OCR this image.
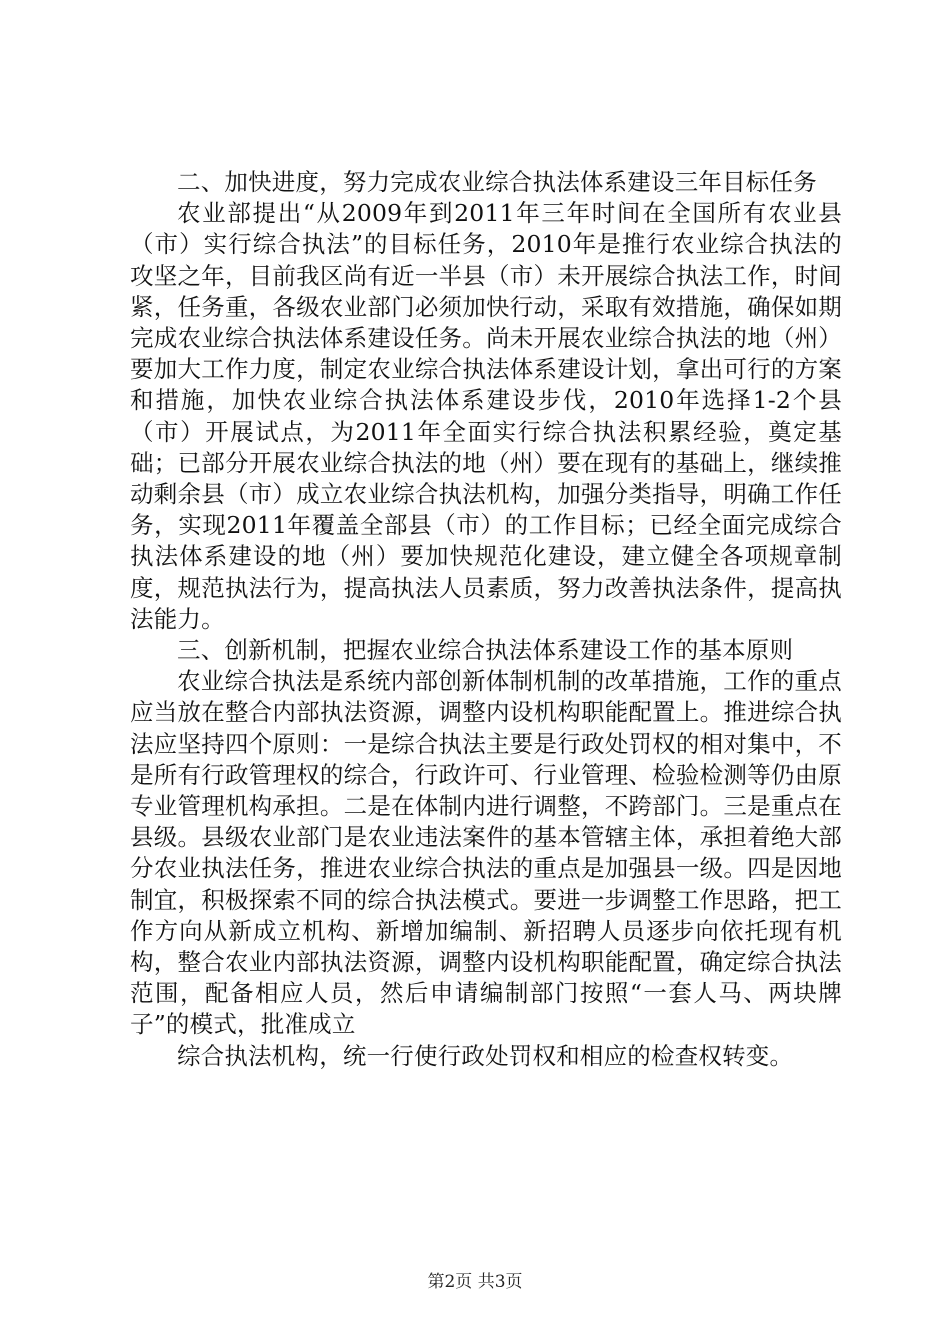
二、加快进度，努力完成农业综合执法体系建设三年目标任务

农业部提出“从2009年到2011年三年时间在全国所有农业县（市）实行综合执法”的目标任务，2010年是推行农业综合执法的攻坚之年，目前我区尚有近一半县（市）未开展综合执法工作，时间紧，任务重，各级农业部门必须加快行动，采取有效措施，确保如期完成农业综合执法体系建设任务。尚未开展农业综合执法的地（州）要加大工作力度，制定农业综合执法体系建设计划，拿出可行的方案和措施，加快农业综合执法体系建设步伐，2010年选择1-2个县（市）开展试点，为2011年全面实行综合执法积累经验，奠定基础；已部分开展农业综合执法的地（州）要在现有的基础上，继续推动剩余县（市）成立农业综合执法机构，加强分类指导，明确工作任务，实现2011年覆盖全部县（市）的工作目标；已经全面完成综合执法体系建设的地（州）要加快规范化建设，建立健全各项规章制度，规范执法行为，提高执法人员素质，努力改善执法条件，提高执法能力。

三、创新机制，把握农业综合执法体系建设工作的基本原则

农业综合执法是系统内部创新体制机制的改革措施，工作的重点应当放在整合内部执法资源，调整内设机构职能配置上。推进综合执法应坚持四个原则：一是综合执法主要是行政处罚权的相对集中，不是所有行政管理权的综合，行政许可、行业管理、检验检测等仍由原专业管理机构承担。二是在体制内进行调整，不跨部门。三是重点在县级。县级农业部门是农业违法案件的基本管辖主体，承担着绝大部分农业执法任务，推进农业综合执法的重点是加强县一级。四是因地制宜，积极探索不同的综合执法模式。要进一步调整工作思路，把工作方向从新成立机构、新增加编制、新招聘人员逐步向依托现有机构，整合农业内部执法资源，调整内设机构职能配置，确定综合执法范围，配备相应人员，然后申请编制部门按照“一套人马、两块牌子”的模式，批准成立

综合执法机构，统一行使行政处罚权和相应的检查权转变。

第2页 共3页
